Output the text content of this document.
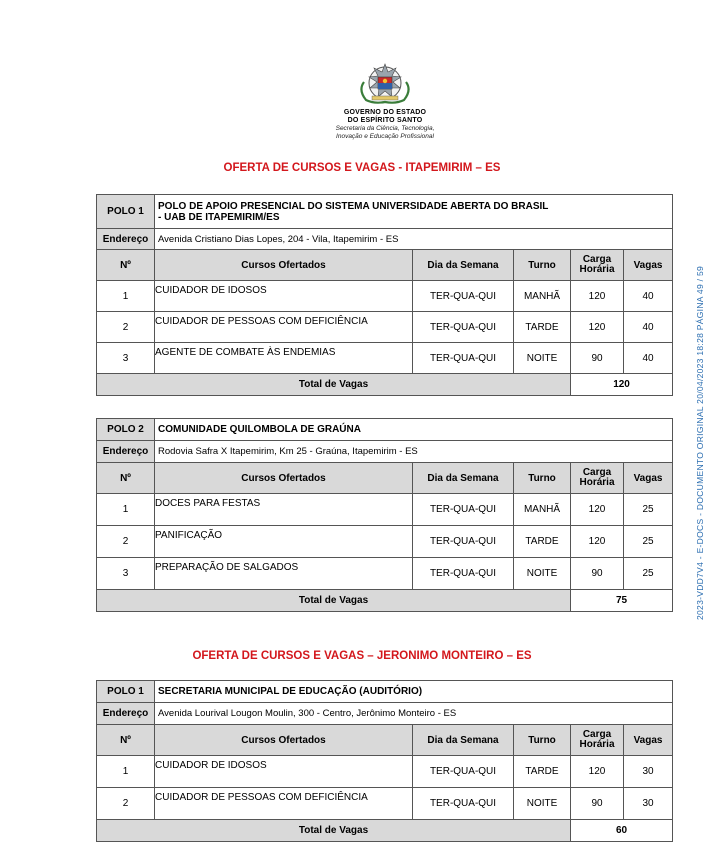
GOVERNO DO ESTADO
DO ESPÍRITO SANTO
Secretaria da Ciência, Tecnologia,
Inovação e Educação Profissional
OFERTA DE CURSOS E VAGAS - ITAPEMIRIM – ES
POLO 1	POLO DE APOIO PRESENCIAL DO SISTEMA UNIVERSIDADE ABERTA DO BRASIL
- UAB DE ITAPEMIRIM/ES				

Endereço	Avenida Cristiano Dias Lopes, 204 - Vila, Itapemirim - ES				
Nº	Cursos Ofertados	Dia da Semana	Turno	Carga Horária	Vagas
1	CUIDADOR DE IDOSOS	TER-QUA-QUI	MANHÃ	120	40
2	CUIDADOR DE PESSOAS COM DEFICIÊNCIA	TER-QUA-QUI	TARDE	120	40
3	AGENTE DE COMBATE ÀS ENDEMIAS	TER-QUA-QUI	NOITE	90	40
Total de Vagas				120	
POLO 2	COMUNIDADE QUILOMBOLA DE GRAÚNA				
Endereço	Rodovia Safra X Itapemirim, Km 25 - Graúna, Itapemirim - ES				
Nº	Cursos Ofertados	Dia da Semana	Turno	Carga Horária	Vagas
1	DOCES PARA FESTAS	TER-QUA-QUI	MANHÃ	120	25
2	PANIFICAÇÃO	TER-QUA-QUI	TARDE	120	25
3	PREPARAÇÃO DE SALGADOS	TER-QUA-QUI	NOITE	90	25
Total de Vagas				75	
OFERTA DE CURSOS E VAGAS – JERONIMO MONTEIRO – ES
POLO 1	SECRETARIA MUNICIPAL DE EDUCAÇÃO (AUDITÓRIO)				
Endereço	Avenida Lourival Lougon Moulin, 300 - Centro, Jerônimo Monteiro - ES				
Nº	Cursos Ofertados	Dia da Semana	Turno	Carga Horária	Vagas
1	CUIDADOR DE IDOSOS	TER-QUA-QUI	TARDE	120	30
2	CUIDADOR DE PESSOAS COM DEFICIÊNCIA	TER-QUA-QUI	NOITE	90	30
Total de Vagas				60	
2023-VDD7V4 - E-DOCS - DOCUMENTO ORIGINAL 20/04/2023 18:28 PÁGINA 49 / 59
